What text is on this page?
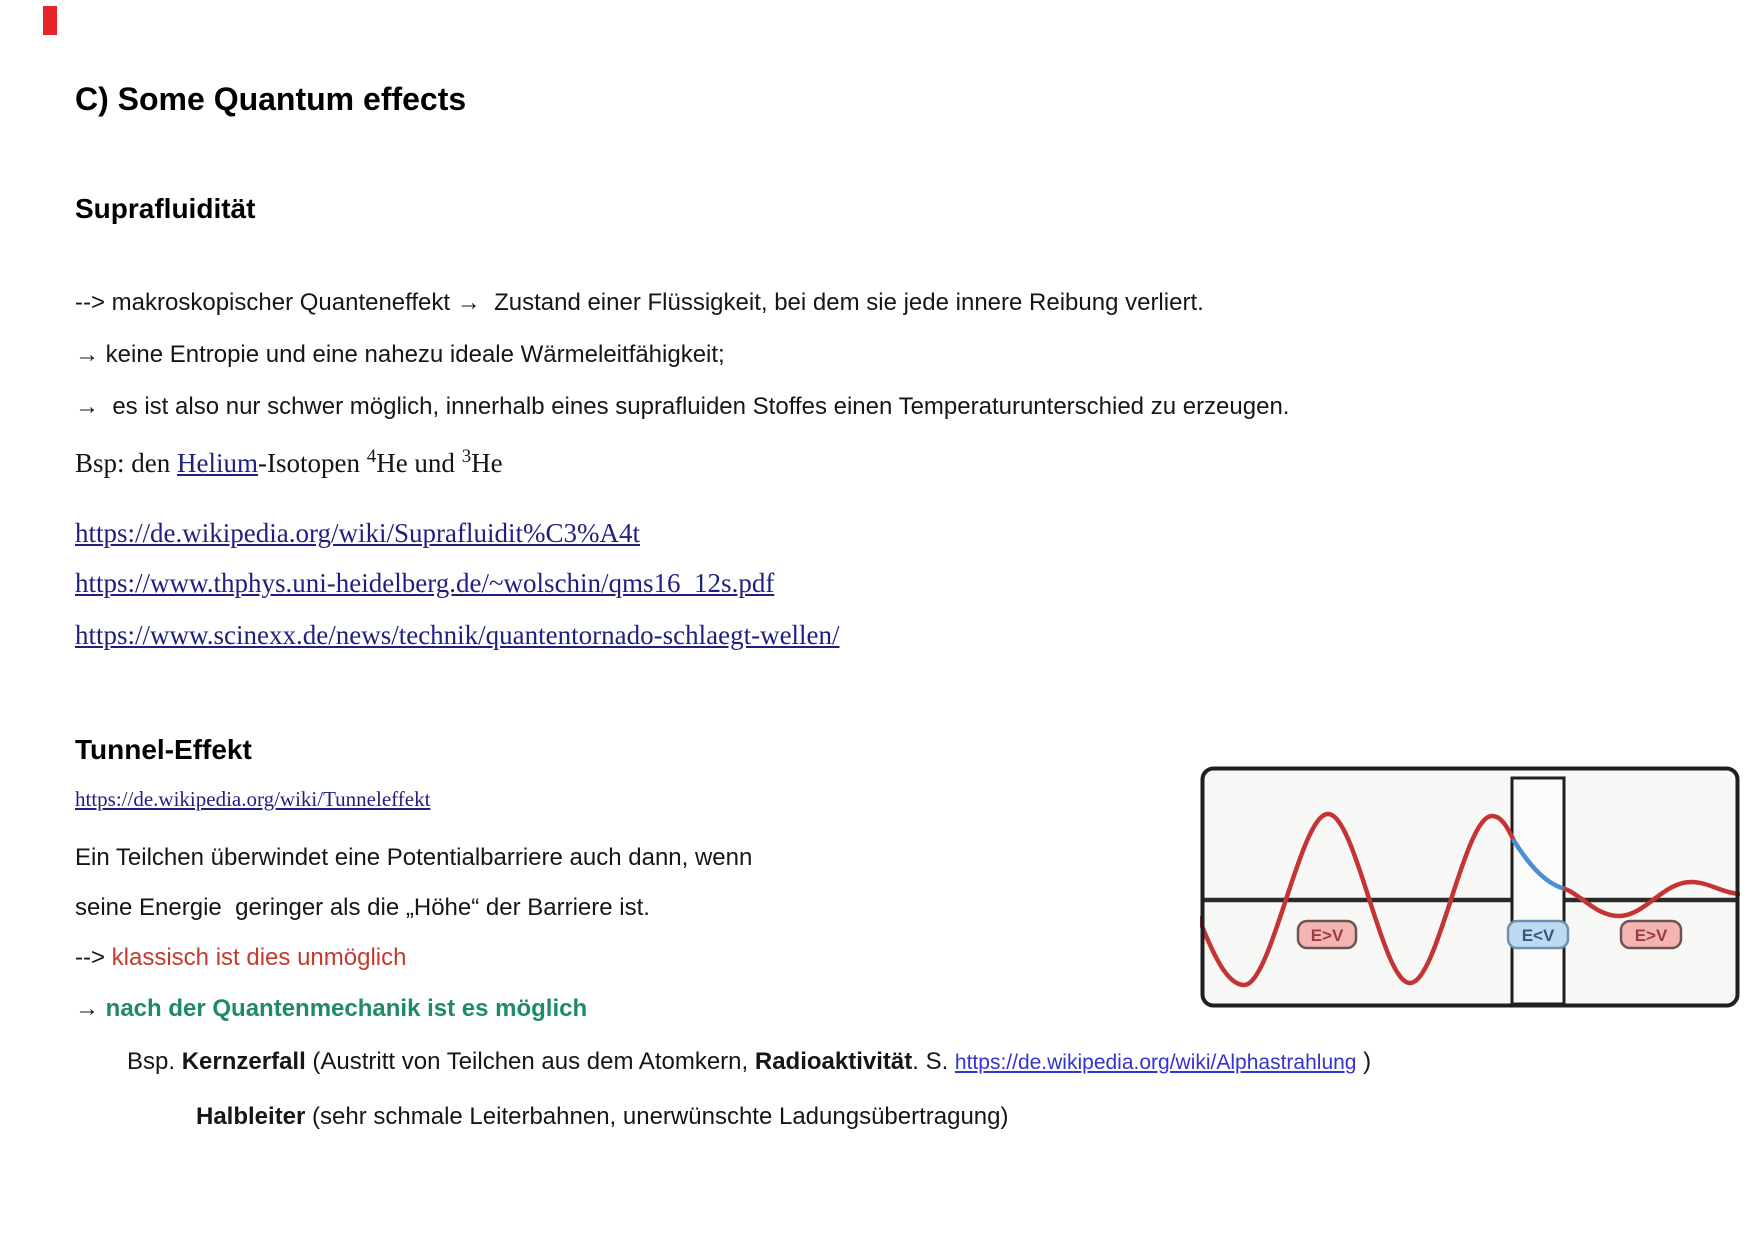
C) Some Quantum effects
Suprafluidität
--> makroskopischer Quanteneffekt →  Zustand einer Flüssigkeit, bei dem sie jede innere Reibung verliert.
→ keine Entropie und eine nahezu ideale Wärmeleitfähigkeit;
→  es ist also nur schwer möglich, innerhalb eines suprafluiden Stoffes einen Temperaturunterschied zu erzeugen.
Bsp: den Helium-Isotopen $^4$He und $^3$He
https://de.wikipedia.org/wiki/Suprafluidit%C3%A4t
https://www.thphys.uni-heidelberg.de/~wolschin/qms16_12s.pdf
https://www.scinexx.de/news/technik/quantentornado-schlaegt-wellen/
Tunnel-Effekt
https://de.wikipedia.org/wiki/Tunneleffekt
Ein Teilchen überwindet eine Potentialbarriere auch dann, wenn
seine Energie  geringer als die „Höhe“ der Barriere ist.
--> klassisch ist dies unmöglich
→ nach der Quantenmechanik ist es möglich
Bsp. Kernzerfall (Austritt von Teilchen aus dem Atomkern, Radioaktivität. S. https://de.wikipedia.org/wiki/Alphastrahlung )
Halbleiter (sehr schmale Leiterbahnen, unerwünschte Ladungsübertragung)
E>V	E<V	E>V
